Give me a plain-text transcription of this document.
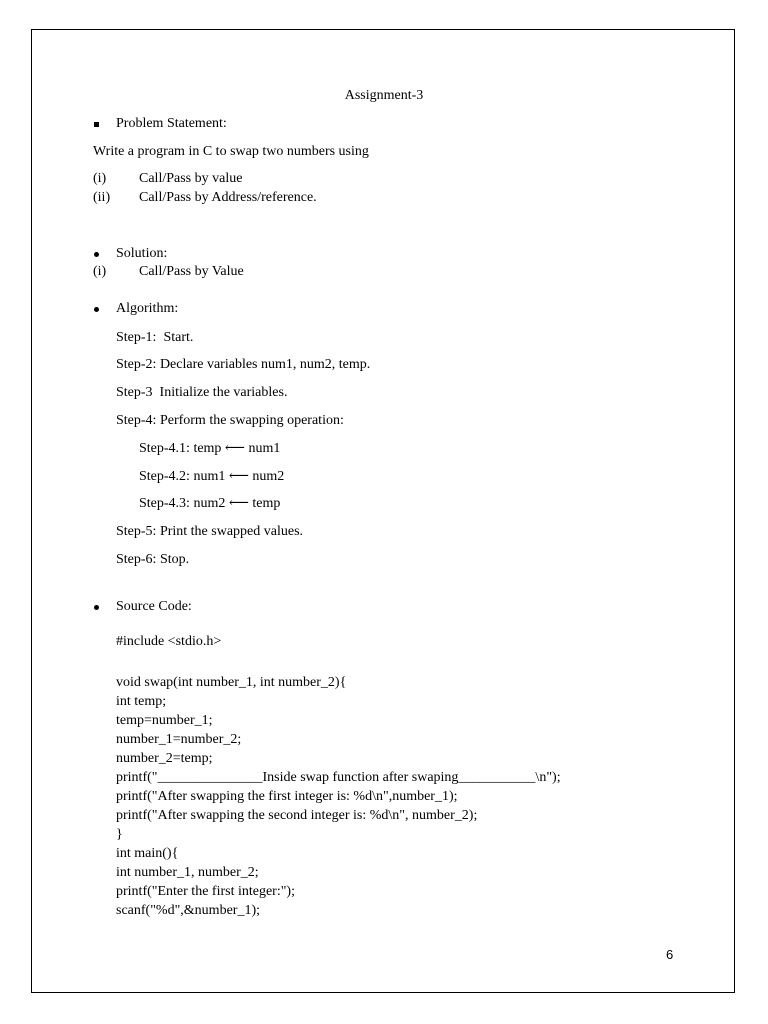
Assignment-3
Problem Statement:
Write a program in C to swap two numbers using
(i) Call/Pass by value
(ii) Call/Pass by Address/reference.
Solution:
(i) Call/Pass by Value
Algorithm:
Step-1:  Start.
Step-2: Declare variables num1, num2, temp.
Step-3  Initialize the variables.
Step-4: Perform the swapping operation:
Step-4.1: temp ⟵ num1
Step-4.2: num1 ⟵ num2
Step-4.3: num2 ⟵ temp
Step-5: Print the swapped values.
Step-6: Stop.
Source Code:
#include <stdio.h>
void swap(int number_1, int number_2){
int temp;
temp=number_1;
number_1=number_2;
number_2=temp;
printf("_______________Inside swap function after swaping___________\n");
printf("After swapping the first integer is: %d\n",number_1);
printf("After swapping the second integer is: %d\n", number_2);
}
int main(){
int number_1, number_2;
printf("Enter the first integer:");
scanf("%d",&number_1);
6
